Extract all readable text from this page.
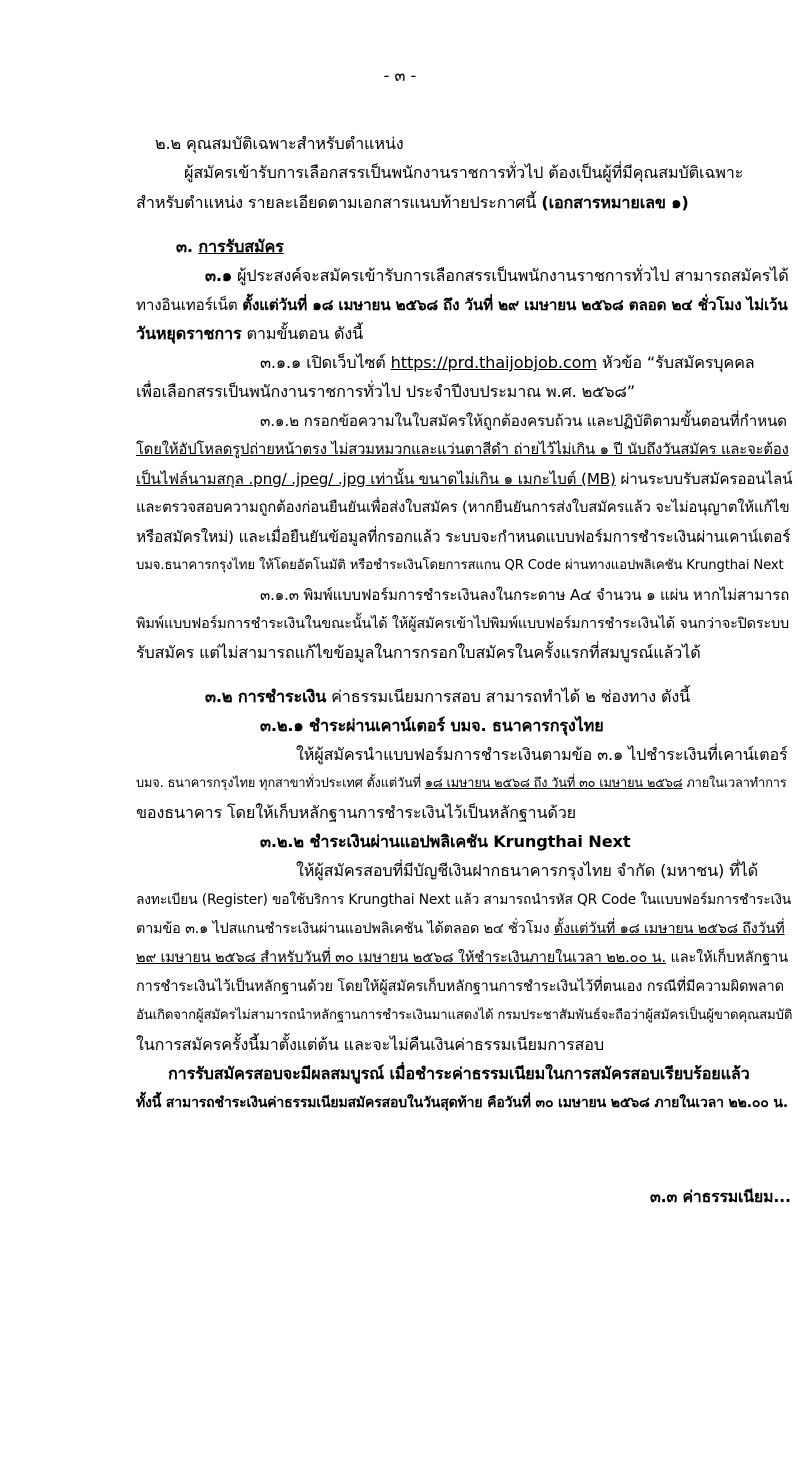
- ๓ -
๒.๒ คุณสมบัติเฉพาะสำหรับตำแหน่ง
ผู้สมัครเข้ารับการเลือกสรรเป็นพนักงานราชการทั่วไป ต้องเป็นผู้ที่มีคุณสมบัติเฉพาะ
สำหรับตำแหน่ง รายละเอียดตามเอกสารแนบท้ายประกาศนี้ (เอกสารหมายเลข ๑)
๓. การรับสมัคร
๓.๑ ผู้ประสงค์จะสมัครเข้ารับการเลือกสรรเป็นพนักงานราชการทั่วไป สามารถสมัครได้
ทางอินเทอร์เน็ต ตั้งแต่วันที่ ๑๘ เมษายน ๒๕๖๘ ถึง วันที่ ๒๙ เมษายน ๒๕๖๘ ตลอด ๒๔ ชั่วโมง ไม่เว้น
วันหยุดราชการ ตามขั้นตอน ดังนี้
๓.๑.๑ เปิดเว็บไซต์ https://prd.thaijobjob.com หัวข้อ “รับสมัครบุคคล
เพื่อเลือกสรรเป็นพนักงานราชการทั่วไป ประจำปีงบประมาณ พ.ศ. ๒๕๖๘”
๓.๑.๒ กรอกข้อความในใบสมัครให้ถูกต้องครบถ้วน และปฏิบัติตามขั้นตอนที่กำหนด
โดยให้อัปโหลดรูปถ่ายหน้าตรง ไม่สวมหมวกและแว่นตาสีดำ ถ่ายไว้ไม่เกิน ๑ ปี นับถึงวันสมัคร และจะต้อง
เป็นไฟล์นามสกุล .png/ .jpeg/ .jpg เท่านั้น ขนาดไม่เกิน ๑ เมกะไบต์ (MB) ผ่านระบบรับสมัครออนไลน์
และตรวจสอบความถูกต้องก่อนยืนยันเพื่อส่งใบสมัคร (หากยืนยันการส่งใบสมัครแล้ว จะไม่อนุญาตให้แก้ไข
หรือสมัครใหม่) และเมื่อยืนยันข้อมูลที่กรอกแล้ว ระบบจะกำหนดแบบฟอร์มการชำระเงินผ่านเคาน์เตอร์
บมจ.ธนาคารกรุงไทย ให้โดยอัตโนมัติ หรือชำระเงินโดยการสแกน QR Code ผ่านทางแอปพลิเคชัน Krungthai Next
๓.๑.๓ พิมพ์แบบฟอร์มการชำระเงินลงในกระดาษ A๔ จำนวน ๑ แผ่น หากไม่สามารถ
พิมพ์แบบฟอร์มการชำระเงินในขณะนั้นได้ ให้ผู้สมัครเข้าไปพิมพ์แบบฟอร์มการชำระเงินได้ จนกว่าจะปิดระบบ
รับสมัคร แต่ไม่สามารถแก้ไขข้อมูลในการกรอกใบสมัครในครั้งแรกที่สมบูรณ์แล้วได้
๓.๒ การชำระเงิน ค่าธรรมเนียมการสอบ สามารถทำได้ ๒ ช่องทาง ดังนี้
๓.๒.๑ ชำระผ่านเคาน์เตอร์ บมจ. ธนาคารกรุงไทย
ให้ผู้สมัครนำแบบฟอร์มการชำระเงินตามข้อ ๓.๑ ไปชำระเงินที่เคาน์เตอร์
บมจ. ธนาคารกรุงไทย ทุกสาขาทั่วประเทศ ตั้งแต่วันที่ ๑๘ เมษายน ๒๕๖๘ ถึง วันที่ ๓๐ เมษายน ๒๕๖๘ ภายในเวลาทำการ
ของธนาคาร โดยให้เก็บหลักฐานการชำระเงินไว้เป็นหลักฐานด้วย
๓.๒.๒ ชำระเงินผ่านแอปพลิเคชัน Krungthai Next
ให้ผู้สมัครสอบที่มีบัญชีเงินฝากธนาคารกรุงไทย จำกัด (มหาชน) ที่ได้
ลงทะเบียน (Register) ขอใช้บริการ Krungthai Next แล้ว สามารถนำรหัส QR Code ในแบบฟอร์มการชำระเงิน
ตามข้อ ๓.๑ ไปสแกนชำระเงินผ่านแอปพลิเคชัน ได้ตลอด ๒๔ ชั่วโมง ตั้งแต่วันที่ ๑๘ เมษายน ๒๕๖๘ ถึงวันที่
๒๙ เมษายน ๒๕๖๘ สำหรับวันที่ ๓๐ เมษายน ๒๕๖๘ ให้ชำระเงินภายในเวลา ๒๒.๐๐ น. และให้เก็บหลักฐาน
การชำระเงินไว้เป็นหลักฐานด้วย โดยให้ผู้สมัครเก็บหลักฐานการชำระเงินไว้ที่ตนเอง กรณีที่มีความผิดพลาด
อันเกิดจากผู้สมัครไม่สามารถนำหลักฐานการชำระเงินมาแสดงได้ กรมประชาสัมพันธ์จะถือว่าผู้สมัครเป็นผู้ขาดคุณสมบัติ
ในการสมัครครั้งนี้มาตั้งแต่ต้น และจะไม่คืนเงินค่าธรรมเนียมการสอบ
การรับสมัครสอบจะมีผลสมบูรณ์ เมื่อชำระค่าธรรมเนียมในการสมัครสอบเรียบร้อยแล้ว
ทั้งนี้ สามารถชำระเงินค่าธรรมเนียมสมัครสอบในวันสุดท้าย คือวันที่ ๓๐ เมษายน ๒๕๖๘ ภายในเวลา ๒๒.๐๐ น.
๓.๓ ค่าธรรมเนียม...
